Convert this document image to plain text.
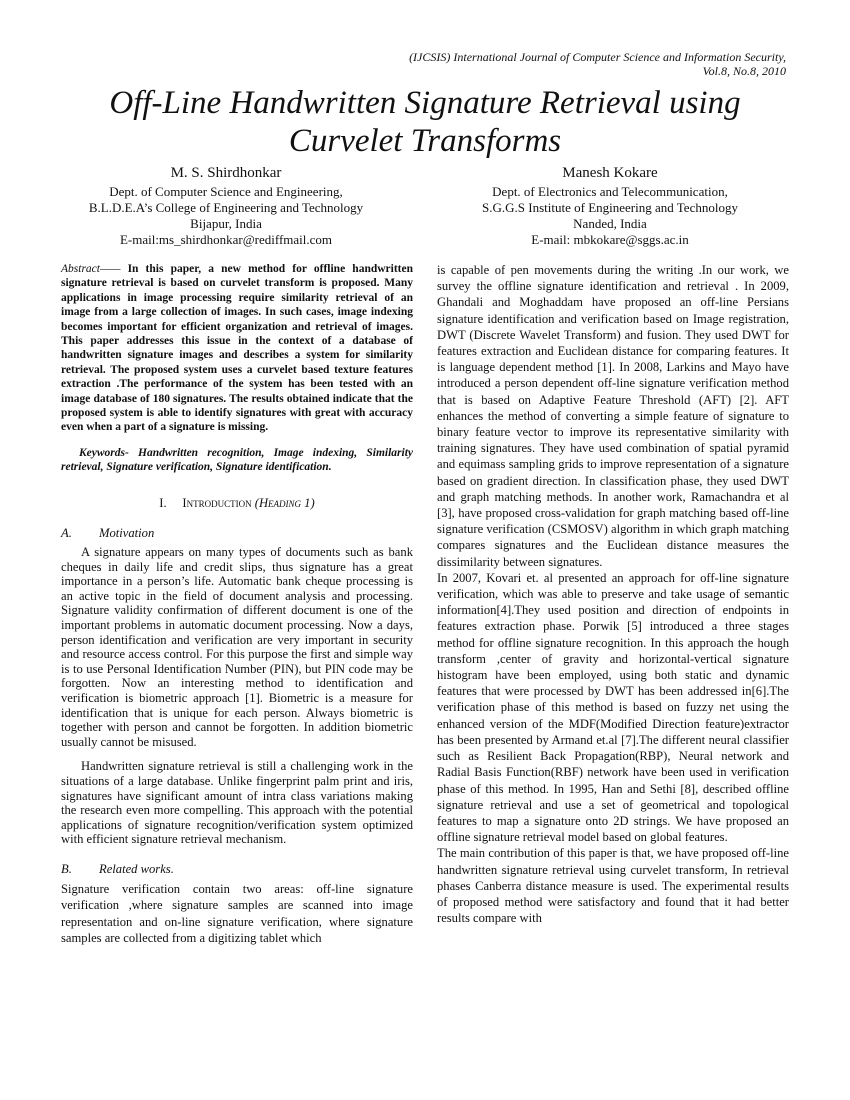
(IJCSIS) International Journal of Computer Science and Information Security,
Vol.8, No.8, 2010
Off-Line Handwritten Signature Retrieval using
Curvelet Transforms
M. S. Shirdhonkar
Dept. of Computer Science and Engineering,
B.L.D.E.A’s College of Engineering and Technology
Bijapur, India
E-mail:ms_shirdhonkar@rediffmail.com
Manesh Kokare
Dept. of Electronics and Telecommunication,
S.G.G.S Institute of Engineering and Technology
Nanded, India
E-mail: mbkokare@sggs.ac.in

Abstract—— In this paper, a new method for offline handwritten signature retrieval is based on curvelet transform is proposed. Many applications in image processing require similarity retrieval of an image from a large collection of images. In such cases, image indexing becomes important for efficient organization and retrieval of images. This paper addresses this issue in the context of a database of handwritten signature images and describes a system for similarity retrieval. The proposed system uses a curvelet based texture features extraction .The performance of the system has been tested with an image database of 180 signatures. The results obtained indicate that the proposed system is able to identify signatures with great with accuracy even when a part of a signature is missing.

Keywords- Handwritten recognition, Image indexing, Similarity retrieval, Signature verification, Signature identification.

I. Introduction (Heading 1)

A. Motivation

A signature appears on many types of documents such as bank cheques in daily life and credit slips, thus signature has a great importance in a person’s life. Automatic bank cheque processing is an active topic in the field of document analysis and processing. Signature validity confirmation of different document is one of the important problems in automatic document processing. Now a days, person identification and verification are very important in security and resource access control. For this purpose the first and simple way is to use Personal Identification Number (PIN), but PIN code may be forgotten. Now an interesting method to identification and verification is biometric approach [1]. Biometric is a measure for identification that is unique for each person. Always biometric is together with person and cannot be forgotten. In addition biometric usually cannot be misused.

Handwritten signature retrieval is still a challenging work in the situations of a large database. Unlike fingerprint palm print and iris, signatures have significant amount of intra class variations making the research even more compelling. This approach with the potential applications of signature recognition/verification system optimized with efficient signature retrieval mechanism.

B. Related works.

Signature verification contain two areas: off-line signature verification ,where signature samples are scanned into image representation and on-line signature verification, where signature samples are collected from a digitizing tablet which

is capable of pen movements during the writing .In our work, we survey the offline signature identification and retrieval . In 2009, Ghandali and Moghaddam have proposed an off-line Persians signature identification and verification based on Image registration, DWT (Discrete Wavelet Transform) and fusion. They used DWT for features extraction and Euclidean distance for comparing features. It is language dependent method [1]. In 2008, Larkins and Mayo have introduced a person dependent off-line signature verification method that is based on Adaptive Feature Threshold (AFT) [2]. AFT enhances the method of converting a simple feature of signature to binary feature vector to improve its representative similarity with training signatures. They have used combination of spatial pyramid and equimass sampling grids to improve representation of a signature based on gradient direction. In classification phase, they used DWT and graph matching methods. In another work, Ramachandra et al [3], have proposed cross-validation for graph matching based off-line signature verification (CSMOSV) algorithm in which graph matching compares signatures and the Euclidean distance measures the dissimilarity between signatures.

In 2007, Kovari et. al presented an approach for off-line signature verification, which was able to preserve and take usage of semantic information[4].They used position and direction of endpoints in features extraction phase. Porwik [5] introduced a three stages method for offline signature recognition. In this approach the hough transform ,center of gravity and horizontal-vertical signature histogram have been employed, using both static and dynamic features that were processed by DWT has been addressed in[6].The verification phase of this method is based on fuzzy net using the enhanced version of the MDF(Modified Direction feature)extractor has been presented by Armand et.al [7].The different neural classifier such as Resilient Back Propagation(RBP), Neural network and Radial Basis Function(RBF) network have been used in verification phase of this method. In 1995, Han and Sethi [8], described offline signature retrieval and use a set of geometrical and topological features to map a signature onto 2D strings. We have proposed an offline signature retrieval model based on global features.

The main contribution of this paper is that, we have proposed off-line handwritten signature retrieval using curvelet transform, In retrieval phases Canberra distance measure is used. The experimental results of proposed method were satisfactory and found that it had better results compare with
